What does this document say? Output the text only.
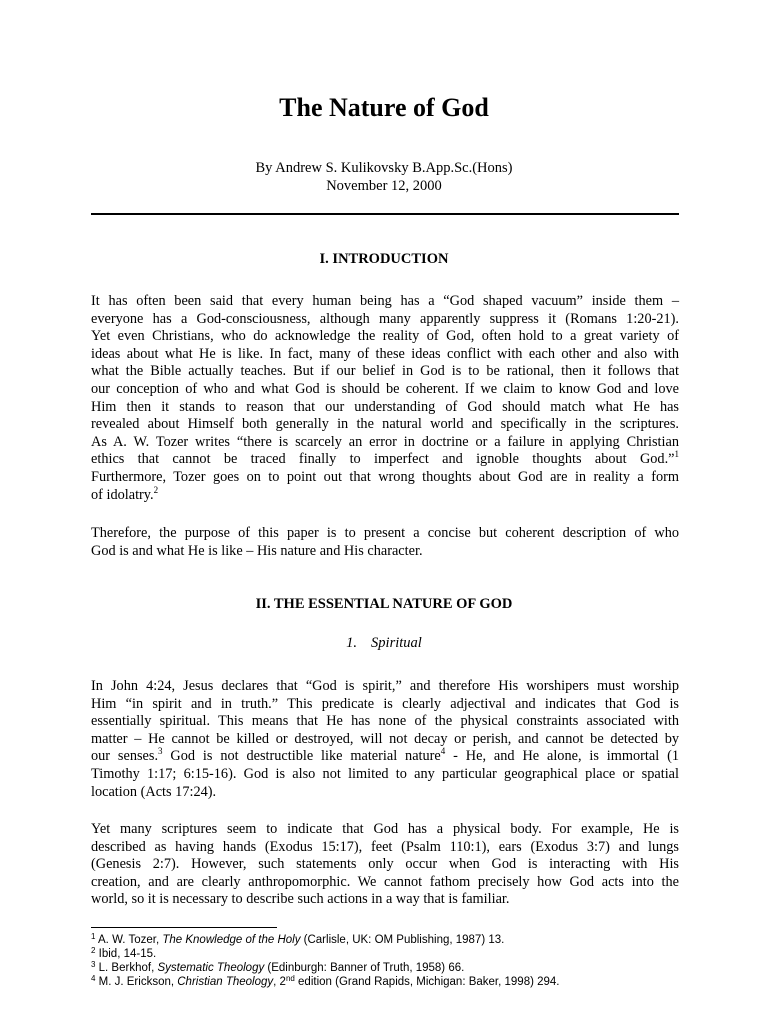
The Nature of God
By Andrew S. Kulikovsky B.App.Sc.(Hons)
November 12, 2000
I. INTRODUCTION
It has often been said that every human being has a “God shaped vacuum” inside them –
everyone has a God-consciousness, although many apparently suppress it (Romans 1:20-21).
Yet even Christians, who do acknowledge the reality of God, often hold to a great variety of
ideas about what He is like. In fact, many of these ideas conflict with each other and also with
what the Bible actually teaches. But if our belief in God is to be rational, then it follows that
our conception of who and what God is should be coherent. If we claim to know God and love
Him then it stands to reason that our understanding of God should match what He has
revealed about Himself both generally in the natural world and specifically in the scriptures.
As A. W. Tozer writes “there is scarcely an error in doctrine or a failure in applying Christian
ethics that cannot be traced finally to imperfect and ignoble thoughts about God.”$^1$
Furthermore, Tozer goes on to point out that wrong thoughts about God are in reality a form
of idolatry.$^2$
Therefore, the purpose of this paper is to present a concise but coherent description of who
God is and what He is like – His nature and His character.
II. THE ESSENTIAL NATURE OF GOD
1. Spiritual
In John 4:24, Jesus declares that “God is spirit,” and therefore His worshipers must worship
Him “in spirit and in truth.” This predicate is clearly adjectival and indicates that God is
essentially spiritual. This means that He has none of the physical constraints associated with
matter – He cannot be killed or destroyed, will not decay or perish, and cannot be detected by
our senses.$^3$ God is not destructible like material nature$^4$ - He, and He alone, is immortal (1
Timothy 1:17; 6:15-16). God is also not limited to any particular geographical place or spatial
location (Acts 17:24).
Yet many scriptures seem to indicate that God has a physical body. For example, He is
described as having hands (Exodus 15:17), feet (Psalm 110:1), ears (Exodus 3:7) and lungs
(Genesis 2:7). However, such statements only occur when God is interacting with His
creation, and are clearly anthropomorphic. We cannot fathom precisely how God acts into the
world, so it is necessary to describe such actions in a way that is familiar.
$^1$ A. W. Tozer, The Knowledge of the Holy (Carlisle, UK: OM Publishing, 1987) 13.
$^2$ Ibid, 14-15.
$^3$ L. Berkhof, Systematic Theology (Edinburgh: Banner of Truth, 1958) 66.
$^4$ M. J. Erickson, Christian Theology, 2nd edition (Grand Rapids, Michigan: Baker, 1998) 294.
